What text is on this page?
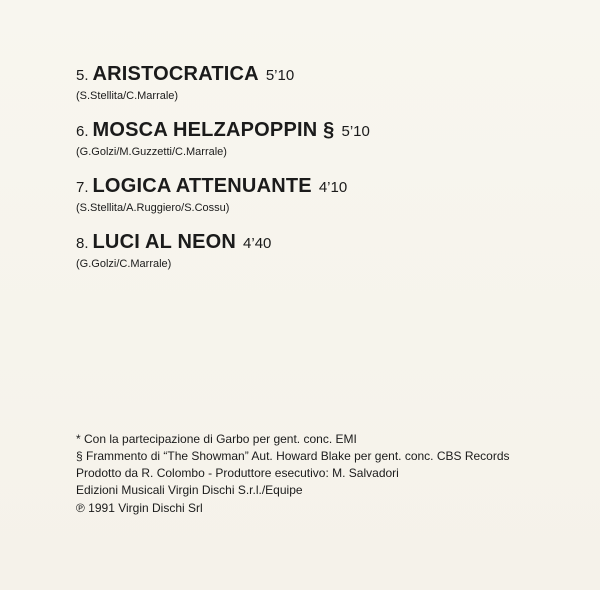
5. ARISTOCRATICA 5’10
(S.Stellita/C.Marrale)
6. MOSCA HELZAPOPPIN § 5’10
(G.Golzi/M.Guzzetti/C.Marrale)
7. LOGICA ATTENUANTE 4’10
(S.Stellita/A.Ruggiero/S.Cossu)
8. LUCI AL NEON 4’40
(G.Golzi/C.Marrale)
* Con la partecipazione di Garbo per gent. conc. EMI
§ Frammento di “The Showman” Aut. Howard Blake per gent. conc. CBS Records
Prodotto da R. Colombo - Produttore esecutivo: M. Salvadori
Edizioni Musicali Virgin Dischi S.r.l./Equipe
℗ 1991 Virgin Dischi Srl
